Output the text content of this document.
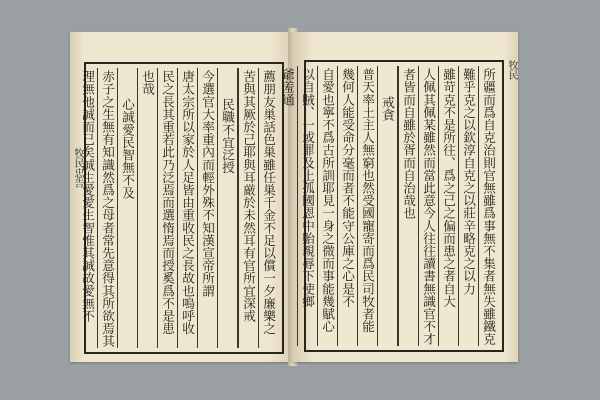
牧民忠告	薦朋友巣話色巣雖任巣千金不足以償一夕廉樂之
苦與其厥於己耶與耳厳於未然耳有官所宜深戒
民職不宜泛授
今選官大率重內而輕外殊不知漢宣帝所謂
唐太宗所以家於人足皆由重收民之長故也嗚呼收
民之長其重若此乃泛焉而選惰焉而授奚爲不是患
也哉
心誠愛民智無不及
赤子之生無有知識然爲之母者常先意得其所欲焉其
理無他誠而已矣誠生愛愛生智惟其誠故愛無不	所疆而爲自克治則官無雖爲事無不集者無失雖鐵克
難乎克之以欽淳自克之以莊辛略克之以力
雖苛克不是所往、爲之己之偏而患之者自大
人佩其佩某雖然而當此意今人往往讀書無識官不才
者皆而自雖於胥而自治哉也
戒貪
普天率土主人無窮也然受國寵寄而爲民司牧者能
幾何人能受命分毫而者不能守公庫之心是不
自愛也寧不爲古所訓耶見一身之微而事能幾賦心
以自賊、一或罪及上孤國恩中貽親辱下使鄉
爺羞通	牧民
